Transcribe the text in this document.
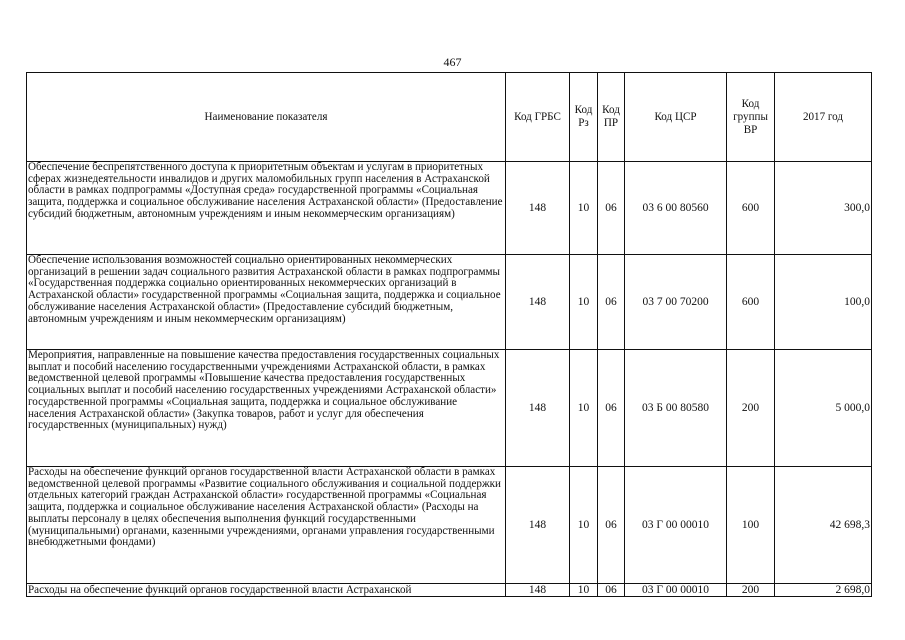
467
Наименование показателя	Код ГРБС	Код Рз	Код ПР	Код ЦСР	Код группы ВР	2017 год
Обеспечение беспрепятственного доступа к приоритетным объектам и услугам в приоритетных сферах жизнедеятельности инвалидов и других маломобильных групп населения в Астраханской области в рамках подпрограммы «Доступная среда» государственной программы «Социальная защита, поддержка и социальное обслуживание населения Астраханской области» (Предоставление субсидий бюджетным, автономным учреждениям и иным некоммерческим организациям)	148	10	06	03 6 00 80560	600	300,0
Обеспечение использования возможностей социально ориентированных некоммерческих организаций в решении задач социального развития Астраханской области в рамках подпрограммы «Государственная поддержка социально ориентированных некоммерческих организаций в Астраханской области» государственной программы «Социальная защита, поддержка и социальное обслуживание населения Астраханской области» (Предоставление субсидий бюджетным, автономным учреждениям и иным некоммерческим организациям)	148	10	06	03 7 00 70200	600	100,0
Мероприятия, направленные на повышение качества предоставления государственных социальных выплат и пособий населению государственными учреждениями Астраханской области, в рамках ведомственной целевой программы «Повышение качества предоставления государственных социальных выплат и пособий населению государственных учреждениями Астраханской области» государственной программы «Социальная защита, поддержка и социальное обслуживание населения Астраханской области» (Закупка товаров, работ и услуг для обеспечения государственных (муниципальных) нужд)	148	10	06	03 Б 00 80580	200	5 000,0
Расходы на обеспечение функций органов государственной власти Астраханской области в рамках ведомственной целевой программы «Развитие социального обслуживания и социальной поддержки отдельных категорий граждан Астраханской области» государственной программы «Социальная защита, поддержка и социальное обслуживание населения Астраханской области» (Расходы на выплаты персоналу в целях обеспечения выполнения функций государственными (муниципальными) органами, казенными учреждениями, органами управления государственными внебюджетными фондами)	148	10	06	03 Г 00 00010	100	42 698,3
Расходы на обеспечение функций органов государственной власти Астраханской	148	10	06	03 Г 00 00010	200	2 698,0
